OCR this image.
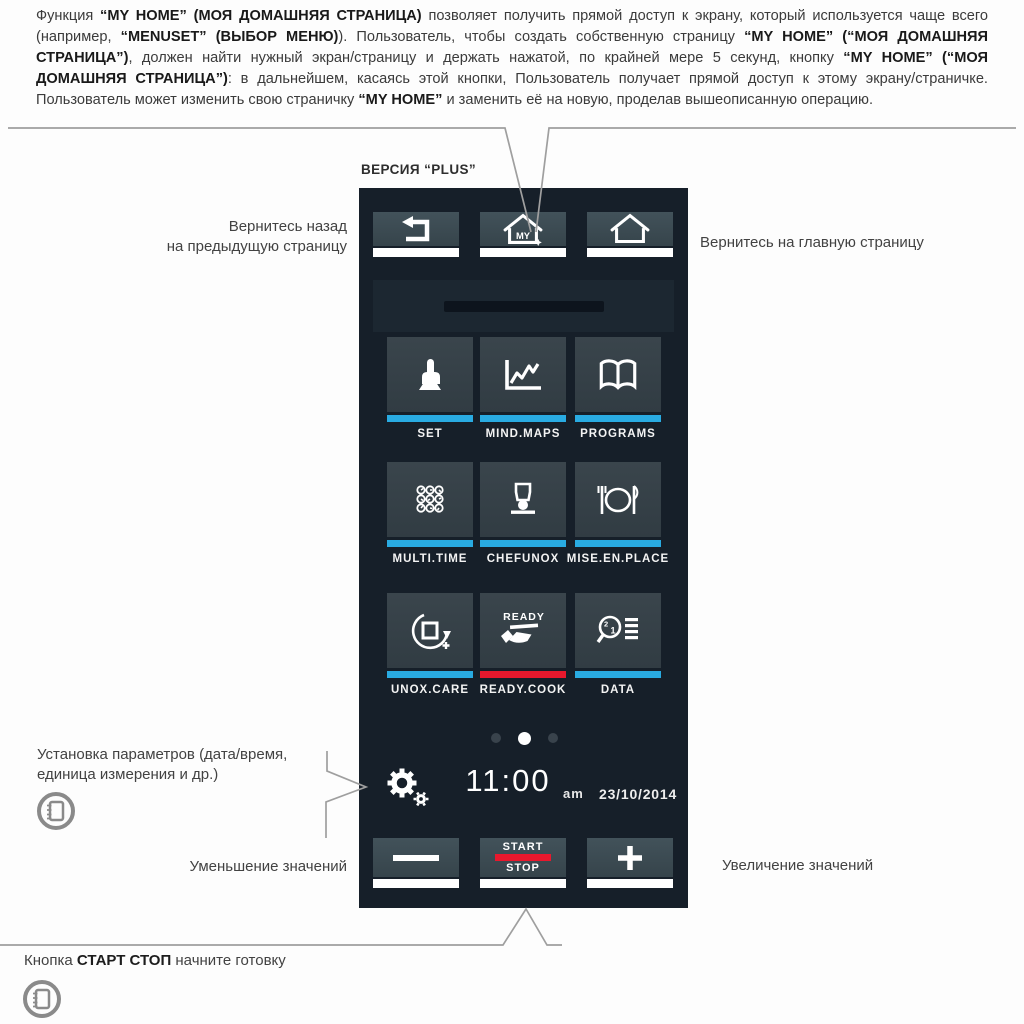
Функция “MY HOME” (МОЯ ДОМАШНЯЯ СТРАНИЦА) позволяет получить прямой доступ к экрану, который используется чаще всего (например, “MENUSET” (ВЫБОР МЕНЮ)). Пользователь, чтобы создать собственную страницу “MY HOME” (“МОЯ ДОМАШНЯЯ СТРАНИЦА”), должен найти нужный экран/страницу и держать нажатой, по крайней мере 5 секунд, кнопку “MY HOME” (“МОЯ ДОМАШНЯЯ СТРАНИЦА”): в дальнейшем, касаясь этой кнопки, Пользователь получает прямой доступ к этому экрану/страничке. Пользователь может изменить свою страничку “MY HOME” и заменить её на новую, проделав вышеописанную операцию.
ВЕРСИЯ “PLUS”
MY
SET	MIND.MAPS PROGRAMS
MULTI.TIME CHEFUNOX MISE.EN.PLACE
UNOX.CARE
READY
READY.COOK
2
1
DATA
11:00 am 23/10/2014
START
STOP
Вернитесь назад
на предыдущую страницу	Вернитесь на главную страницу
Установка параметров (дата/время,
единица измерения и др.)
Уменьшение значений	Увеличение значений
Кнопка СТАРТ СТОП начните готовку
